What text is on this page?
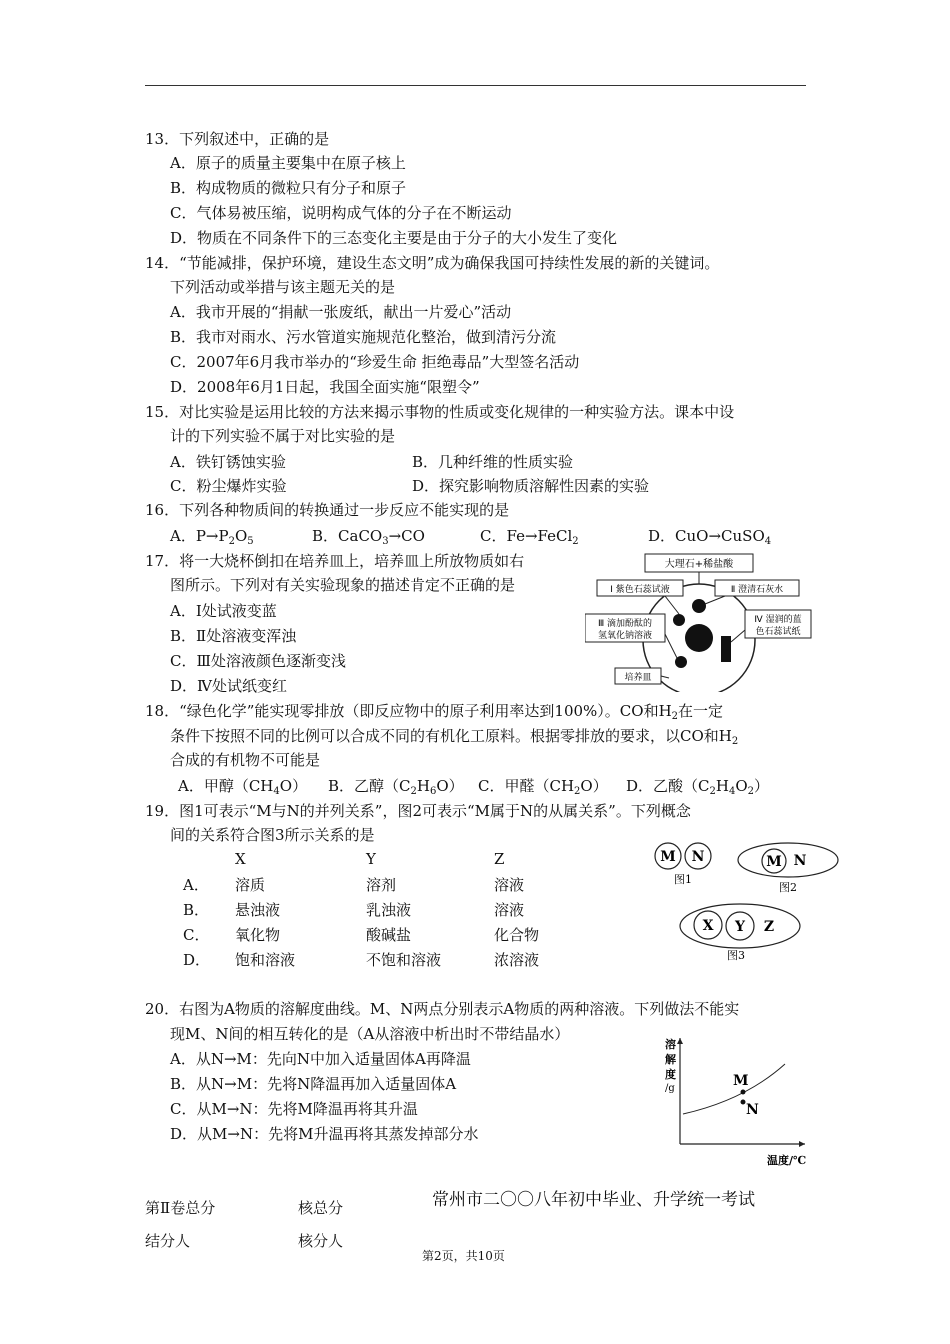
13．下列叙述中，正确的是
A．原子的质量主要集中在原子核上
B．构成物质的微粒只有分子和原子
C．气体易被压缩，说明构成气体的分子在不断运动
D．物质在不同条件下的三态变化主要是由于分子的大小发生了变化
14．“节能减排，保护环境，建设生态文明”成为确保我国可持续性发展的新的关键词。
下列活动或举措与该主题无关的是
A．我市开展的“捐献一张废纸，献出一片爱心”活动
B．我市对雨水、污水管道实施规范化整治，做到清污分流
C．2007年6月我市举办的“珍爱生命 拒绝毒品”大型签名活动
D．2008年6月1日起，我国全面实施“限塑令”
15．对比实验是运用比较的方法来揭示事物的性质或变化规律的一种实验方法。课本中设
计的下列实验不属于对比实验的是
A．铁钉锈蚀实验	B．几种纤维的性质实验
C．粉尘爆炸实验	D．探究影响物质溶解性因素的实验
16．下列各种物质间的转换通过一步反应不能实现的是
A．$P\to P_2O_5$	B．CaCO$_3$→CO	C．Fe→FeCl$_2$	D．CuO→CuSO$_4$
17．将一大烧杯倒扣在培养皿上，培养皿上所放物质如右
图所示。下列对有关实验现象的描述肯定不正确的是
A．Ⅰ处试液变蓝
B．Ⅱ处溶液变浑浊
C．Ⅲ处溶液颜色逐渐变浅
D．Ⅳ处试纸变红
大理石+稀盐酸
Ⅰ 紫色石蕊试液	Ⅱ 澄清石灰水
Ⅲ 滴加酚酞的
氢氧化钠溶液
Ⅳ 湿润的蓝
色石蕊试纸
培养皿
18．“绿色化学”能实现零排放（即反应物中的原子利用率达到100%）。CO和$H_2$在一定
条件下按照不同的比例可以合成不同的有机化工原料。根据零排放的要求，以CO和$H_2$
合成的有机物不可能是
A．甲醇$(CH_4O)$ B．乙醇$(C_2H_6O)$ C．甲醛$(CH_2O)$ D．乙酸$(C_2H_4O_2)$
19．图1可表示“M与N的并列关系”，图2可表示“M属于N的从属关系”。下列概念
间的关系符合图3所示关系的是
X	Y	Z
A． 溶质	溶剂	溶液
B． 悬浊液	乳浊液	溶液
C． 氧化物	酸碱盐	化合物
D． 饱和溶液	不饱和溶液	浓溶液
M N
图1
M N
图2
X Y Z
图3
20．右图为A物质的溶解度曲线。M、N两点分别表示A物质的两种溶液。下列做法不能实
现M、N间的相互转化的是（A从溶液中析出时不带结晶水）
A．从N→M：先向N中加入适量固体A再降温
B．从N→M：先将N降温再加入适量固体A
C．从M→N：先将M降温再将其升温
D．从M→N：先将M升温再将其蒸发掉部分水
溶
解
度
/g	M
N
温度/℃
第Ⅱ卷总分	核总分
结分人	核分人
常州市二〇〇八年初中毕业、升学统一考试
第2页，共10页
